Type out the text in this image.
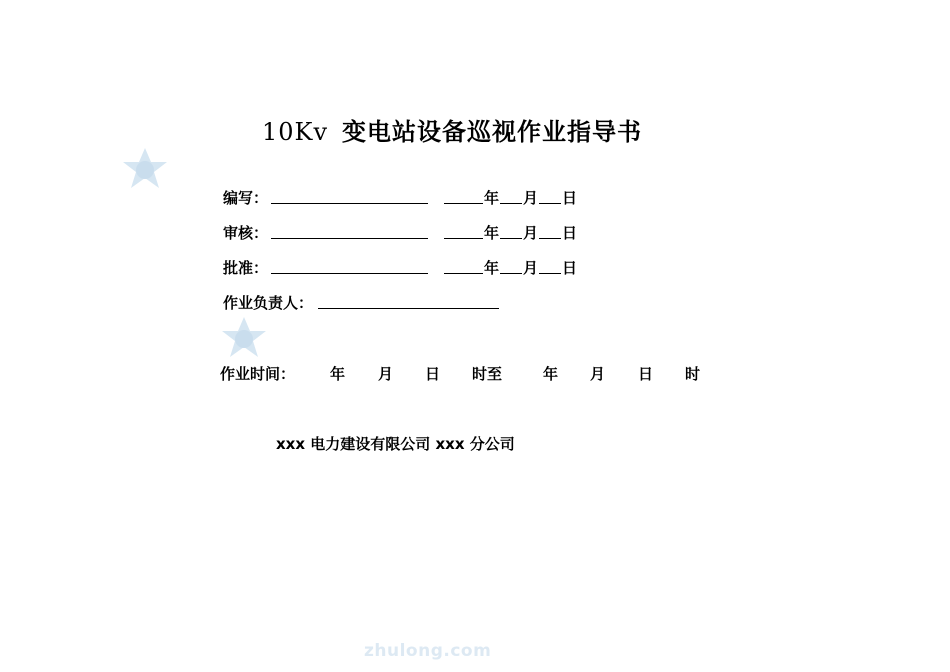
10Kv 变电站设备巡视作业指导书
编写：	年 月 日
审核：	年 月 日
批准：	年 月 日
作业负责人：
作业时间： 年 月 日 时至	年 月 日 时
xxx 电力建设有限公司 xxx 分公司
zhulong.com
